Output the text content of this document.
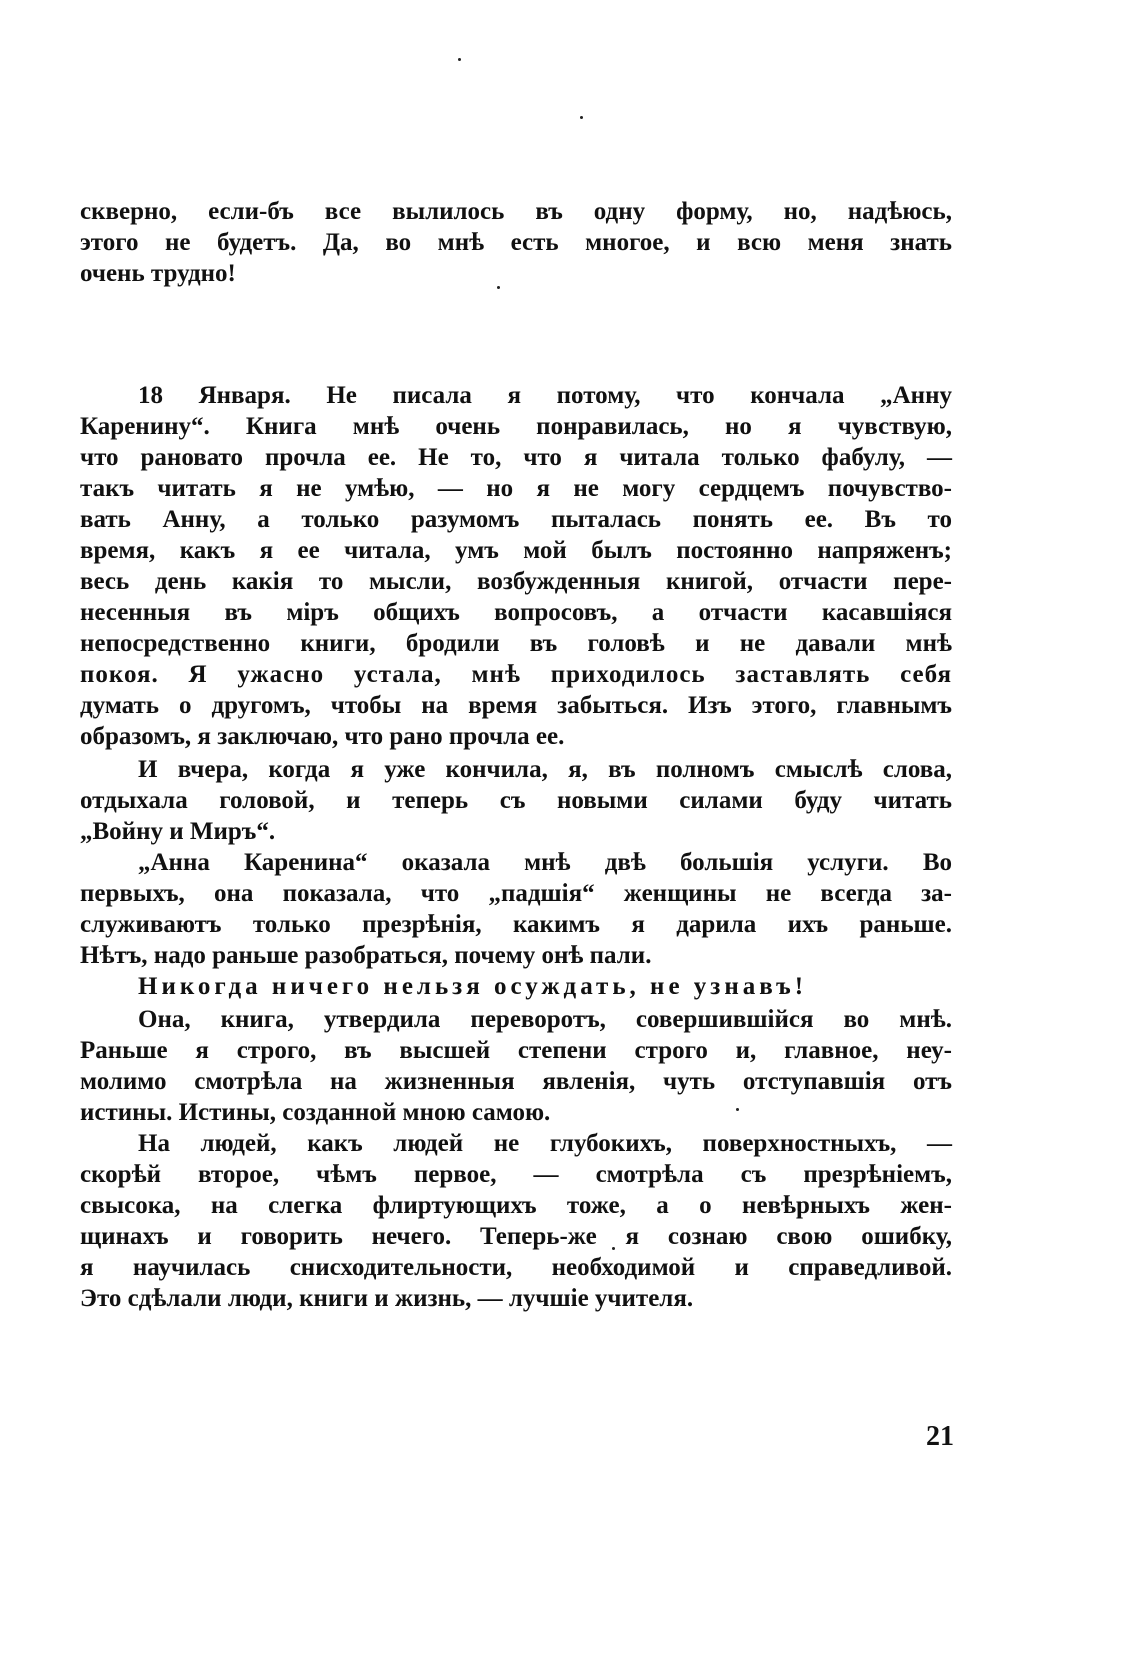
скверно, если-бъ все вылилось въ одну форму, но, надѣюсь,
этого не будетъ. Да, во мнѣ есть многое, и всю меня знать
очень трудно!
18 Января. Не писала я потому, что кончала „Анну
Каренину“. Книга мнѣ очень понравилась, но я чувствую,
что рановато прочла ее. Не то, что я читала только фабулу, —
такъ читать я не умѣю, — но я не могу сердцемъ почувство-
вать Анну, а только разумомъ пыталась понять ее. Въ то
время, какъ я ее читала, умъ мой былъ постоянно напряженъ;
весь день какія то мысли, возбужденныя книгой, отчасти пере-
несенныя въ міръ общихъ вопросовъ, а отчасти касавшіяся
непосредственно книги, бродили въ головѣ и не давали мнѣ
покоя. Я ужасно устала, мнѣ приходилось заставлять себя
думать о другомъ, чтобы на время забыться. Изъ этого, главнымъ
образомъ, я заключаю, что рано прочла ее.
И вчера, когда я уже кончила, я, въ полномъ смыслѣ слова,
отдыхала головой, и теперь съ новыми силами буду читать
„Войну и Миръ“.
„Анна Каренина“ оказала мнѣ двѣ большія услуги. Во
первыхъ, она показала, что „падшія“ женщины не всегда за-
служиваютъ только презрѣнія, какимъ я дарила ихъ раньше.
Нѣтъ, надо раньше разобраться, почему онѣ пали.
Никогда ничего нельзя осуждать, не узнавъ!
Она, книга, утвердила переворотъ, совершившійся во мнѣ.
Раньше я строго, въ высшей степени строго и, главное, неу-
молимо смотрѣла на жизненныя явленія, чуть отступавшія отъ
истины. Истины, созданной мною самою.
На людей, какъ людей не глубокихъ, поверхностныхъ, —
скорѣй второе, чѣмъ первое, — смотрѣла съ презрѣніемъ,
свысока, на слегка флиртующихъ тоже, а о невѣрныхъ жен-
щинахъ и говорить нечего. Теперь-же я сознаю свою ошибку,
я научилась снисходительности, необходимой и справедливой.
Это сдѣлали люди, книги и жизнь, — лучшіе учителя.
21
